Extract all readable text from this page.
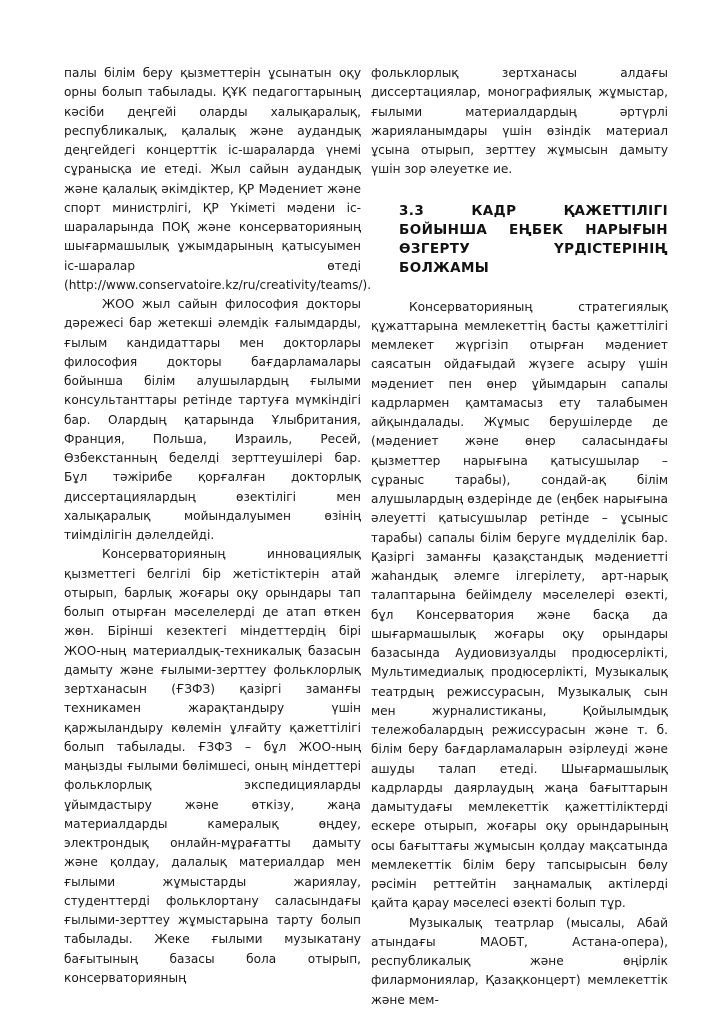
палы білім беру қызметтерін ұсынатын оқу орны болып табылады. ҚҰК педагогтарының кәсіби деңгейі оларды халықаралық, республикалық, қалалық және аудандық деңгейдегі концерттік іс-шараларда үнемі сұранысқа ие етеді. Жыл сайын аудандық және қалалық әкімдіктер, ҚР Мәдениет және спорт министрлігі, ҚР Үкіметі мәдени іс-шараларында ПОҚ және консерваторияның шығармашылық ұжымдарының қатысуымен іс-шаралар өтеді (http://www.conservatoire.kz/ru/creativity/teams/).

ЖОО жыл сайын философия докторы дәрежесі бар жетекші әлемдік ғалымдарды, ғылым кандидаттары мен докторлары философия докторы бағдарламалары бойынша білім алушылардың ғылыми консультанттары ретінде тартуға мүмкіндігі бар. Олардың қатарында Ұлыбритания, Франция, Польша, Израиль, Ресей, Өзбекстанның беделді зерттеушілері бар. Бұл тәжірибе қорғалған докторлық диссертациялардың өзектілігі мен халықаралық мойындалуымен өзінің тиімділігін дәлелдейді.

Консерваторияның инновациялық қызметтегі белгілі бір жетістіктерін атай отырып, барлық жоғары оқу орындары тап болып отырған мәселелерді де атап өткен жөн. Бірінші кезектегі міндеттердің бірі ЖОО-ның материалдық-техникалық базасын дамыту және ғылыми-зерттеу фольклорлық зертханасын (ҒЗФЗ) қазіргі заманғы техникамен жарақтандыру үшін қаржыландыру көлемін ұлғайту қажеттілігі болып табылады. ҒЗФЗ – бұл ЖОО-ның маңызды ғылыми бөлімшесі, оның міндеттері фольклорлық экспедицияларды ұйымдастыру және өткізу, жаңа материалдарды камералық өңдеу, электрондық онлайн-мұрағатты дамыту және қолдау, далалық материалдар мен ғылыми жұмыстарды жариялау, студенттерді фольклортану саласындағы ғылыми-зерттеу жұмыстарына тарту болып табылады. Жеке ғылыми музыкатану бағытының базасы бола отырып, консерваторияның

фольклорлық зертханасы алдағы диссертациялар, монографиялық жұмыстар, ғылыми материалдардың әртүрлі жарияланымдары үшін өзіндік материал ұсына отырып, зерттеу жұмысын дамыту үшін зор әлеуетке ие.

3.3 КАДР ҚАЖЕТТІЛІГІ БОЙЫНША ЕҢБЕК НАРЫҒЫН ӨЗГЕРТУ ҮРДІСТЕРІНІҢ БОЛЖАМЫ

Консерваторияның стратегиялық құжаттарына мемлекеттің басты қажеттілігі мемлекет жүргізіп отырған мәдениет саясатын ойдағыдай жүзеге асыру үшін мәдениет пен өнер ұйымдарын сапалы кадрлармен қамтамасыз ету талабымен айқындалады. Жұмыс берушілерде де (мәдениет және өнер саласындағы қызметтер нарығына қатысушылар – сұраныс тарабы), сондай-ақ білім алушылардың өздерінде де (еңбек нарығына әлеуетті қатысушылар ретінде – ұсыныс тарабы) сапалы білім беруге мүдделілік бар. Қазіргі заманғы қазақстандық мәдениетті жаһандық әлемге ілгерілету, арт-нарық талаптарына бейімделу мәселелері өзекті, бұл Консерватория және басқа да шығармашылық жоғары оқу орындары базасында Аудиовизуалды продюсерлікті, Мультимедиалық продюсерлікті, Музыкалық театрдың режиссурасын, Музыкалық сын мен журналистиканы, Қойылымдық тележобалардың режиссурасын және т. б. білім беру бағдарламаларын әзірлеуді және ашуды талап етеді. Шығармашылық кадрларды даярлаудың жаңа бағыттарын дамытудағы мемлекеттік қажеттіліктерді ескере отырып, жоғары оқу орындарының осы бағыттағы жұмысын қолдау мақсатында мемлекеттік білім беру тапсырысын бөлу рәсімін реттейтін заңнамалық актілерді қайта қарау мәселесі өзекті болып тұр.

Музыкалық театрлар (мысалы, Абай атындағы МАОБТ, Астана-опера), республикалық және өңірлік филармониялар, Қазақконцерт) мемлекеттік және мем-
